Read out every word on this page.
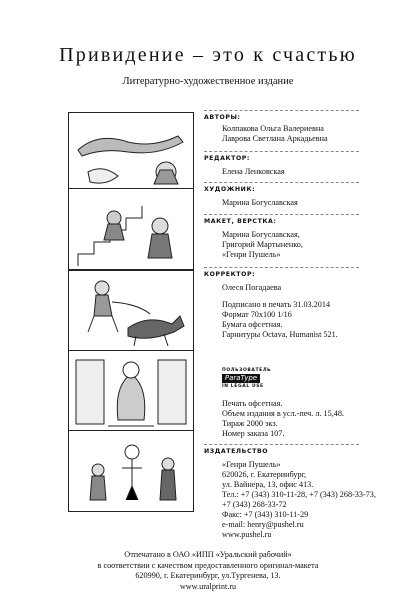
Привидение – это к счастью
Литературно-художественное издание
АВТОРЫ:
Колпакова Ольга Валериевна
Лаврова Светлана Аркадьевна
РЕДАКТОР:
Елена Ленковская
ХУДОЖНИК:
Марина Богуславская
МАКЕТ, ВЕРСТКА:
Марина Богуславская,
Григорий Мартыненко,
«Генри Пушель»
КОРРЕКТОР:
Олеся Погадаева
Подписано в печать 31.03.2014
Формат 70х100 1/16
Бумага офсетная.
Гарнитуры Octava, Humanist 521.
ПОЛЬЗОВАТЕЛЬ
ParaType
IN LEGAL USE
Печать офсетная.
Объем издания в усл.-печ. л. 15,48.
Тираж 2000 экз.
Номер заказа 107.
ИЗДАТЕЛЬСТВО
«Генри Пушель»
620026, г. Екатеринбург,
ул. Вайнера, 13, офис 413.
Тел.: +7 (343) 310-11-28, +7 (343) 268-33-73,
+7 (343) 268-33-72
Факс: +7 (343) 310-11-29
e-mail: henry@pushel.ru
www.pushel.ru
Отпечатано в ОАО «ИПП «Уральский рабочий»
в соответствии с качеством предоставленного оригинал-макета
620990, г. Екатеринбург, ул.Тургенева, 13.
www.uralprint.ru
